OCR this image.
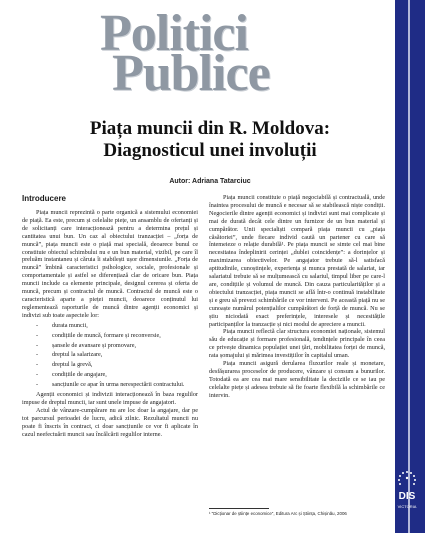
Politici
Publice
Piața muncii din R. Moldova:
Diagnosticul unei involuții
Autor: Adriana Tatarciuc
Introducere

Piața muncii reprezintă o parte organică a sistemului economiei de piață. Ea este, precum și celelalte piețe, un ansamblu de ofertanți și de solicitanți care interacționează pentru a determina prețul și cantitatea unui bun. Un caz al obiectului tranzacției – „forța de muncă”, piața muncii este o piață mai specială, deoarece bunul ce constituie obiectul schimbului nu e un bun material, vizibil, pe care îl preluăm instantaneu și căruia îi stabilești ușor dimensiunile. „Forța de muncă” îmbină caracteristici psihologice, sociale, profesionale și comportamentale și astfel se diferențiază clar de oricare bun. Piața muncii include ca elemente principale, designul cererea și oferta de muncă, precum și contractul de muncă. Contractul de muncă este o caracteristică aparte a pieței muncii, deoarece conținutul lui reglementează raporturile de muncă dintre agenții economici și indivizi sub toate aspectele lor:

- durata muncii,
- condițiile de muncă, formare și reconversie,
- șansele de avansare și promovare,
- dreptul la salarizare,
- dreptul la grevă,
- condițiile de angajare,
- sancțiunile ce apar în urma nerespectării contractului.

Agenții economici și indivizii interacționează în baza regulilor impuse de dreptul muncii, iar sunt unele impuse de angajatori.

Actul de vânzare-cumpărare nu are loc doar la angajare, dar pe tot parcursul perioadei de lucru, adică zilnic. Rezultatul muncii nu poate fi înscris în contract, ci doar sancțiunile ce vor fi aplicate în cazul neefectuării muncii sau încălcării regulilor interne.

Piața muncii constituie o piață negociabilă și contractuală, unde înaintea procesului de muncă e necesar să se stabilească niște condiții. Negocierile dintre agenții economici și indivizi sunt mai complicate și mai de durată decât cele dintre un furnizor de un bun material și cumpărător. Unii specialiști compară piața muncii cu „piața căsătoriei”, unde fiecare individ caută un partener cu care să întemeieze o relație durabilă¹. Pe piața muncii se simte cel mai bine necesitatea îndeplinirii cerinței „dublei coincidențe”: a dorințelor și maximizarea obiectivelor. Pe angajator trebuie să-l satisfacă aptitudinile, cunoștințele, experiența și munca prestată de salariat, iar salariatul trebuie să se mulțumească cu salariul, timpul liber pe care-l are, condițiile și volumul de muncă. Din cauza particularităților și a obiectului tranzacției, piața muncii se află într-o continuă instabilitate și e greu să prevezi schimbările ce vor interveni. Pe această piață nu se cunoaște numărul potențialilor cumpărători de forță de muncă. Nu se știu niciodată exact preferințele, interesele și necesitățile participanților la tranzacție și nici modul de apreciere a muncii.

Piața muncii reflectă clar structura economiei naționale, sistemul său de educație și formare profesională, tendințele principale în ceea ce privește dinamica populației unei țări, mobilitatea forței de muncă, rata șomajului și mărimea investițiilor în capitalul uman.

Piața muncii asigură derularea fluxurilor reale și monetare, desfășurarea proceselor de producere, vânzare și consum a bunurilor. Totodată ea are cea mai mare sensibilitate la deciziile ce se iau pe celelalte piețe și adesea trebuie să fie foarte flexibilă la schimbările ce intervin.

¹ "Dicționar de științe economice", Editura Arc și Știința, Chișinău, 2006
DIS
VICTORIA
